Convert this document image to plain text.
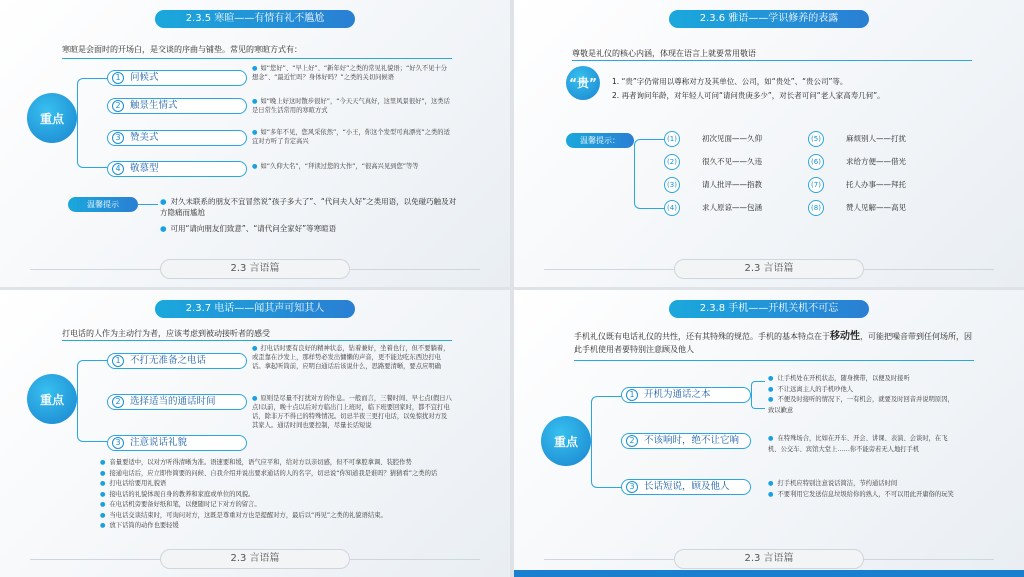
2.3.5 寒暄——有情有礼不尴尬
寒暄是会面时的开场白，是交谈的序曲与铺垫。常见的寒暄方式有：
重点
1 问候式
2 触景生情式
3 赞美式
4 敬慕型
● 如“您好”、“早上好”、“新年好”之类的常见礼貌语；“好久不见十分想念”、“最近忙吗？身体好吗？”之类的关切问候语
● 如“晚上好这时散步很好”，“今天天气真好，这里风景很好”，这类话是日常生活常用的寒暄方式
● 如“多年不见，您风采依然”，“小王，你这个发型可真漂亮”之类的适宜对方听了肯定高兴
● 如“久仰大名”，“拜读过您的大作”，“很高兴见到您”等等
温馨提示	● 对久未联系的朋友不宜冒然说“孩子多大了”、“代问夫人好”之类用语，以免碰巧触及对方隐痛而尴尬
● 可用“请向朋友们致意”、“请代问全家好”等寒暄语
2.3 言语篇
2.3.6 雅语——学识修养的表露
尊敬是礼仪的核心内涵，体现在语言上就要常用敬语
“贵”	1. “贵”字仍常用以尊称对方及其单位、公司，如“贵处”、“贵公司”等。
2. 再者询问年龄，对年轻人可问“请问贵庚多少”，对长者可问“老人家高寿几何”。
温馨提示：	(1)	初次见面——久仰
(2)	很久不见——久违
(3)	请人批评——指教
(4)	求人原谅——包涵
(5)	麻烦别人——打扰
(6)	求给方便——借光
(7)	托人办事——拜托
(8)	赞人见解——高见
2.3 言语篇
2.3.7 电话——闻其声可知其人
打电话的人作为主动行为者，应该考虑到被动接听者的感受
重点
1 不打无准备之电话
2 选择适当的通话时间
3 注意说话礼貌
● 打电话时要有良好的精神状态，钻着兼好，坐着也行，但不要躺着，或歪靠在沙发上，那样势必发出慵懒的声音，更不能边吃东西边打电话。拿起听筒前，应明白通话后该说什么，思路要清晰，要点应明确
● 原则是尽量不打扰对方的作息。一般而言，三餐时间、早七点(假日八点)以前，晚十点以后对方临出门上班时，临下班要回家时，都不宜打电话，除非万不得已的特殊情况。切忌半夜三更打电话，以免惊扰对方及其家人。通话时间也要控制，尽量长话短说
● 音量要适中，以对方听得清晰为准。语速要和缓，语气应平和，给对方以亲切感，但不可拿腔拿调、装腔作势
● 接通电话后，应立即作简要的问候、自我介绍并说出要求通话的人的名字，切忌说“你知道我是谁吗？猜猜看”之类的话
● 打电话给要用礼貌语
● 接电话的礼貌体现自身的教养和家庭或单位的风貌。
● 在电话机旁要备好纸和笔，以便随时记下对方的留言。
● 当电话交谈结束时，可询问对方，这既是尊重对方也是提醒对方，最后以“再见”之类的礼貌语结束。
● 放下话筒的动作也要轻缓
2.3 言语篇
2.3.8 手机——开机关机不可忘
手机礼仪既有电话礼仪的共性，还有其特殊的规范。手机的基本特点在于移动性，可能把噪音带到任何场所，因此手机使用者要特别注意顾及他人
重点
1 开机为通话之本
2 不该响时，绝不让它响
3 长话短说，顾及他人
● 让手机处在开机状态，随身携带，以便及时接听
● 不让远离主人的手机吵他人
● 不便及时接听的情况下，一有机会，就要及时回音并说明原因，致以歉意
● 在特殊场合，比如在开车、开会、讲课、表演、会谈时，在飞机、公交车、宾馆大堂上……你不能旁若无人地打手机
● 打手机应特别注意说话简洁，节约通话时间
● 不要利用它发送信息垃圾给你的熟人，不可以用此开庸俗的玩笑
2.3 言语篇
